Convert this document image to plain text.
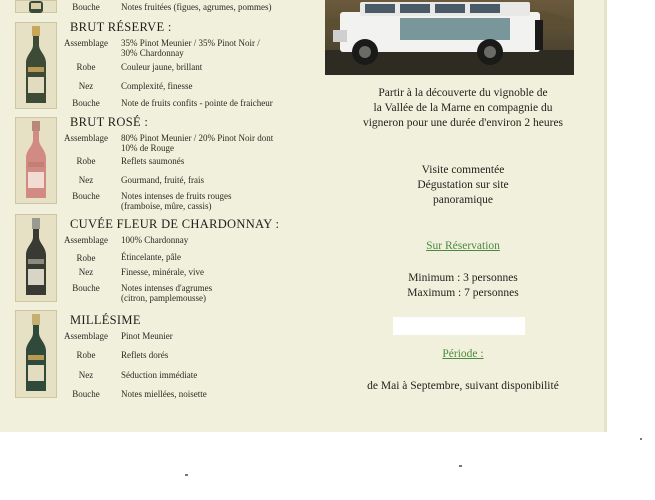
Bouche	Notes fruitées (figues, agrumes, pommes)
BRUT RÉSERVE :
Assemblage	35% Pinot Meunier / 35% Pinot Noir /
30% Chardonnay
Robe	Couleur jaune, brillant
Nez	Complexité, finesse
Bouche	Note de fruits confits - pointe de fraicheur
BRUT ROSÉ :
Assemblage	80% Pinot Meunier / 20% Pinot Noir dont
10% de Rouge
Robe	Reflets saumonés
Nez	Gourmand, fruité, frais
Bouche	Notes intenses de fruits rouges
(framboise, mûre, cassis)
CUVÉE FLEUR DE CHARDONNAY :
Assemblage	100% Chardonnay
Robe	Étincelante, pâle
Nez	Finesse, minérale, vive
Bouche	Notes intenses d'agrumes
(citron, pamplemousse)
MILLÉSIME
Assemblage	Pinot Meunier
Robe	Reflets dorés
Nez	Séduction immédiate
Bouche	Notes miellées, noisette
Partir à la découverte du vignoble de
la Vallée de la Marne en compagnie du
vigneron pour une durée d'environ 2 heures
Visite commentée
Dégustation sur site
panoramique
Sur Réservation
Minimum : 3 personnes
Maximum : 7 personnes
Période :
de Mai à Septembre, suivant disponibilité
